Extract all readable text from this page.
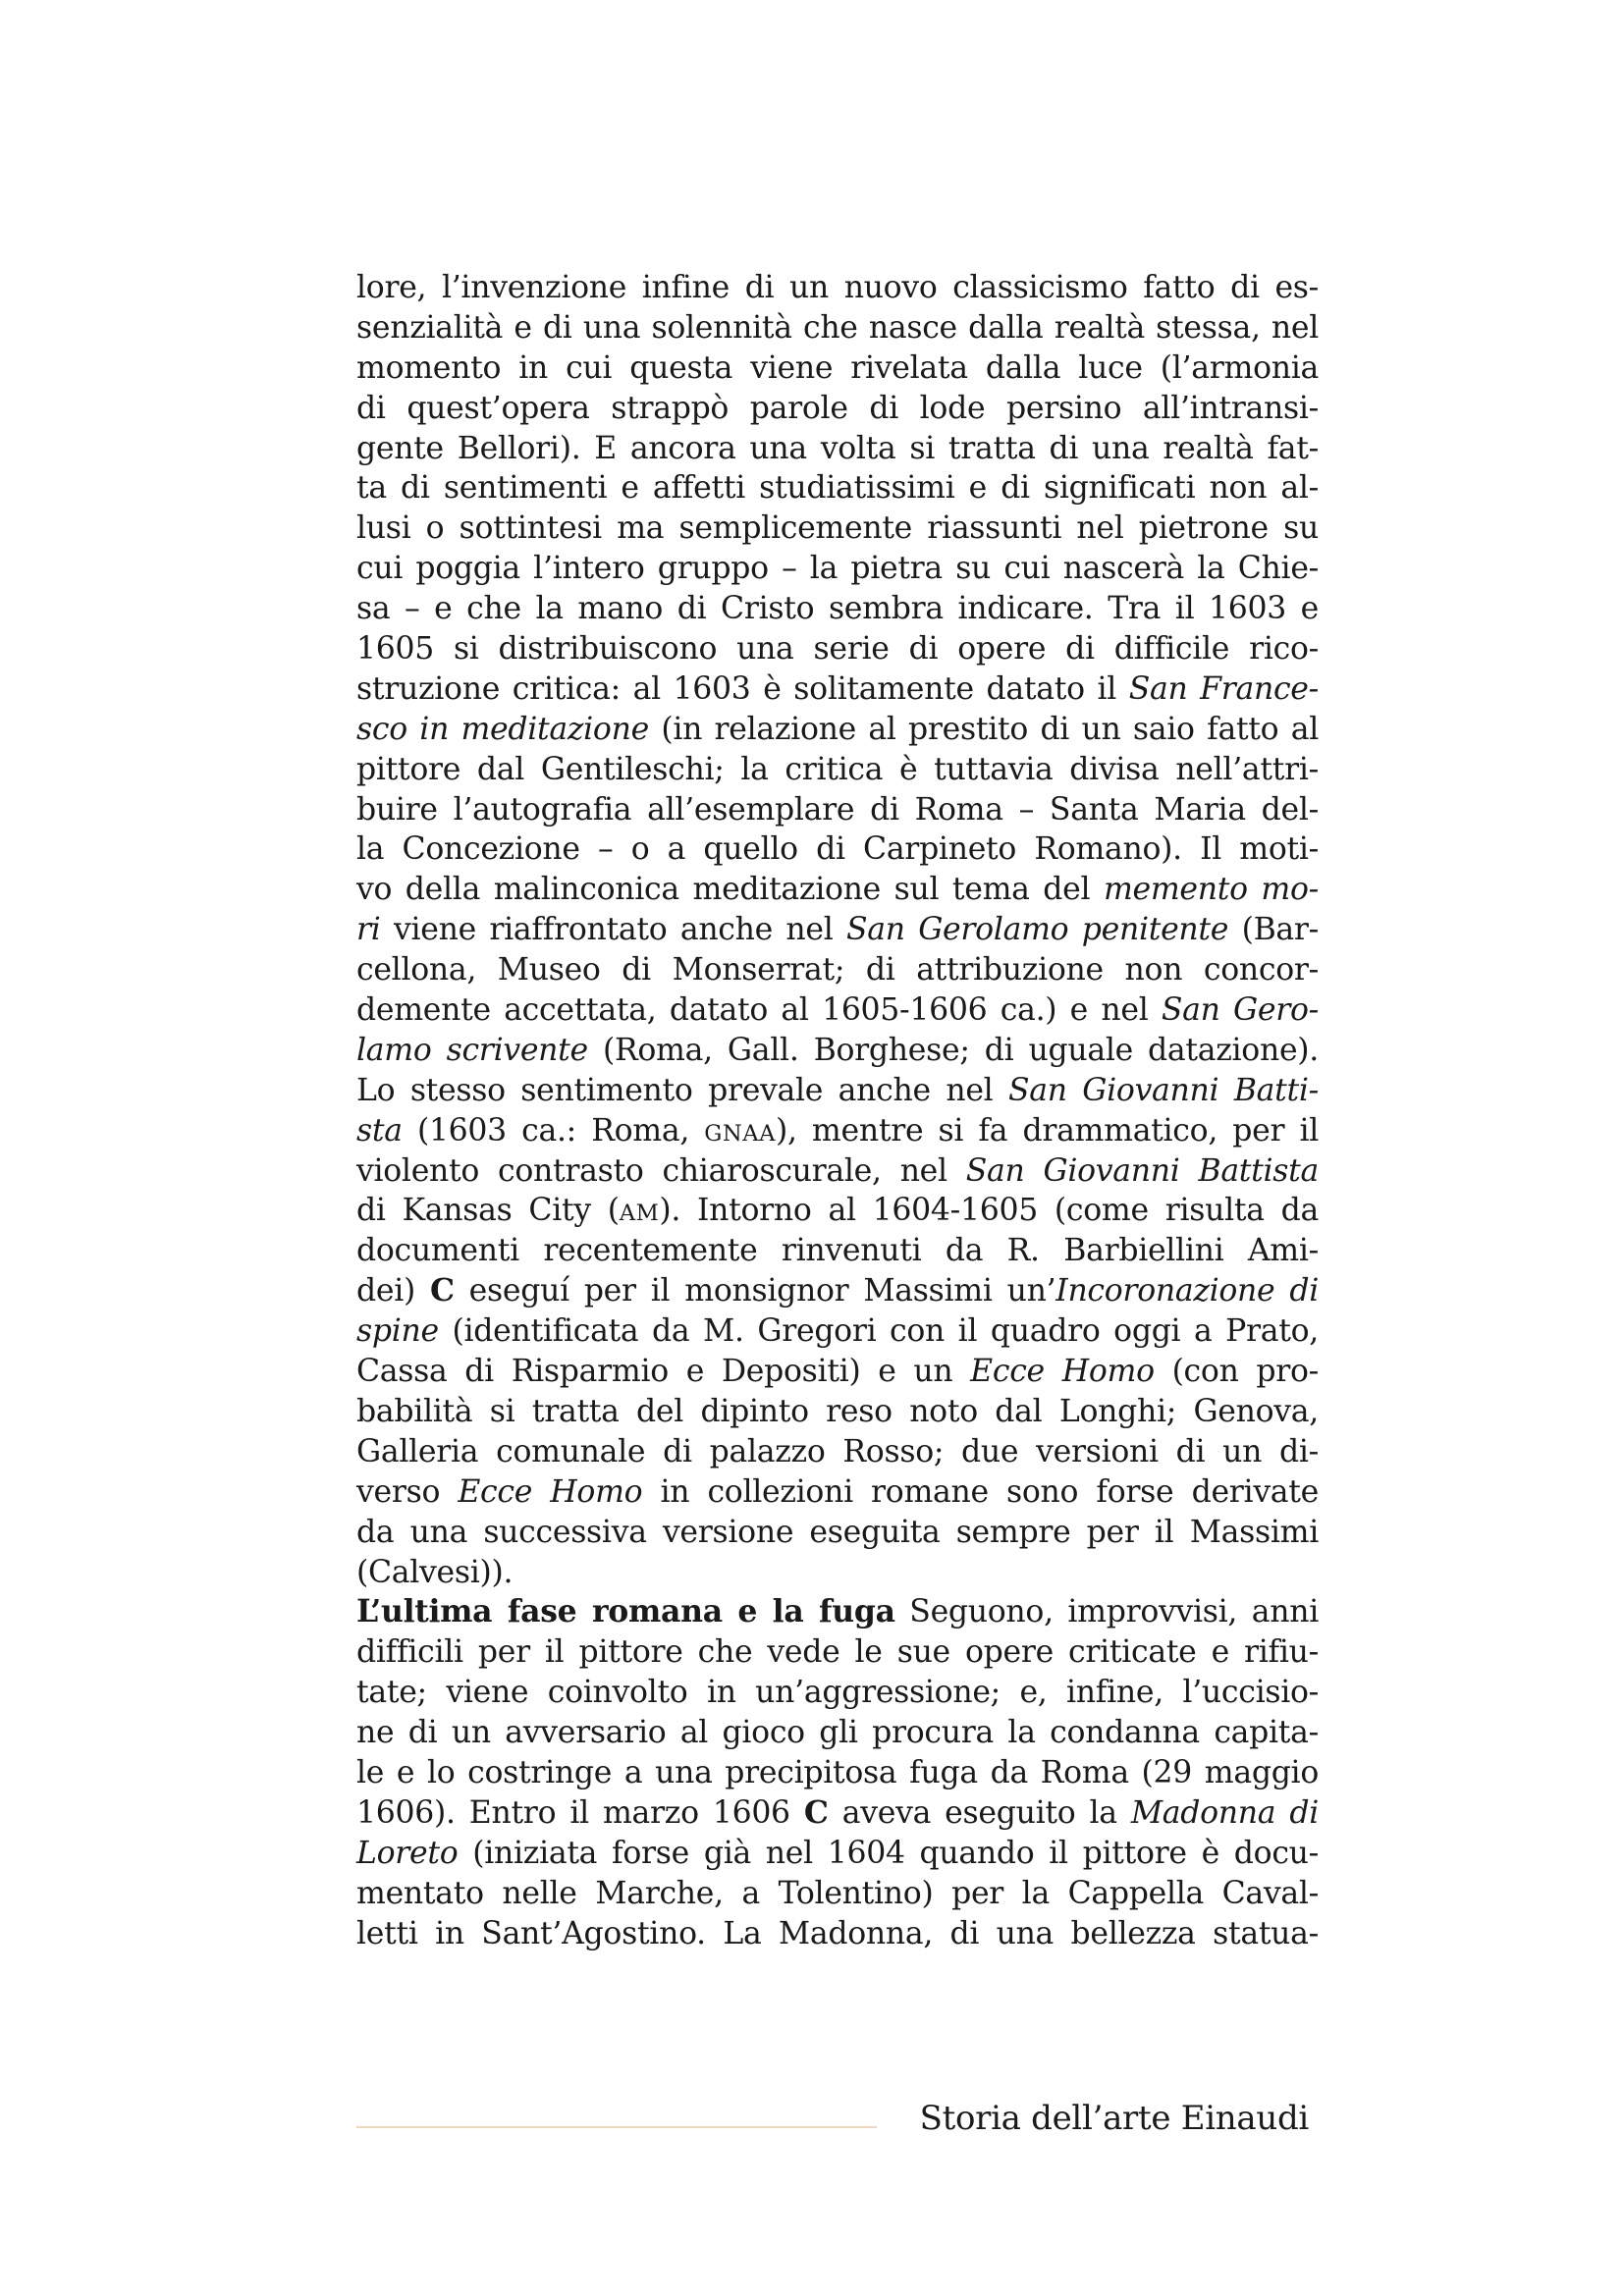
lore, l’invenzione infine di un nuovo classicismo fatto di es-
senzialità e di una solennità che nasce dalla realtà stessa, nel
momento in cui questa viene rivelata dalla luce (l’armonia
di quest’opera strappò parole di lode persino all’intransi-
gente Bellori). E ancora una volta si tratta di una realtà fat-
ta di sentimenti e affetti studiatissimi e di significati non al-
lusi o sottintesi ma semplicemente riassunti nel pietrone su
cui poggia l’intero gruppo – la pietra su cui nascerà la Chie-
sa – e che la mano di Cristo sembra indicare. Tra il 1603 e
1605 si distribuiscono una serie di opere di difficile rico-
struzione critica: al 1603 è solitamente datato il San France-
sco in meditazione (in relazione al prestito di un saio fatto al
pittore dal Gentileschi; la critica è tuttavia divisa nell’attri-
buire l’autografia all’esemplare di Roma – Santa Maria del-
la Concezione – o a quello di Carpineto Romano). Il moti-
vo della malinconica meditazione sul tema del memento mo-
ri viene riaffrontato anche nel San Gerolamo penitente (Bar-
cellona, Museo di Monserrat; di attribuzione non concor-
demente accettata, datato al 1605-1606 ca.) e nel San Gero-
lamo scrivente (Roma, Gall. Borghese; di uguale datazione).
Lo stesso sentimento prevale anche nel San Giovanni Batti-
sta (1603 ca.: Roma, GNAA), mentre si fa drammatico, per il
violento contrasto chiaroscurale, nel San Giovanni Battista
di Kansas City (AM). Intorno al 1604-1605 (come risulta da
documenti recentemente rinvenuti da R. Barbiellini Ami-
dei) C eseguí per il monsignor Massimi un’Incoronazione di
spine (identificata da M. Gregori con il quadro oggi a Prato,
Cassa di Risparmio e Depositi) e un Ecce Homo (con pro-
babilità si tratta del dipinto reso noto dal Longhi; Genova,
Galleria comunale di palazzo Rosso; due versioni di un di-
verso Ecce Homo in collezioni romane sono forse derivate
da una successiva versione eseguita sempre per il Massimi
(Calvesi)).
L’ultima fase romana e la fuga Seguono, improvvisi, anni
difficili per il pittore che vede le sue opere criticate e rifiu-
tate; viene coinvolto in un’aggressione; e, infine, l’uccisio-
ne di un avversario al gioco gli procura la condanna capita-
le e lo costringe a una precipitosa fuga da Roma (29 maggio
1606). Entro il marzo 1606 C aveva eseguito la Madonna di
Loreto (iniziata forse già nel 1604 quando il pittore è docu-
mentato nelle Marche, a Tolentino) per la Cappella Caval-
letti in Sant’Agostino. La Madonna, di una bellezza statua-
Storia dell’arte Einaudi
